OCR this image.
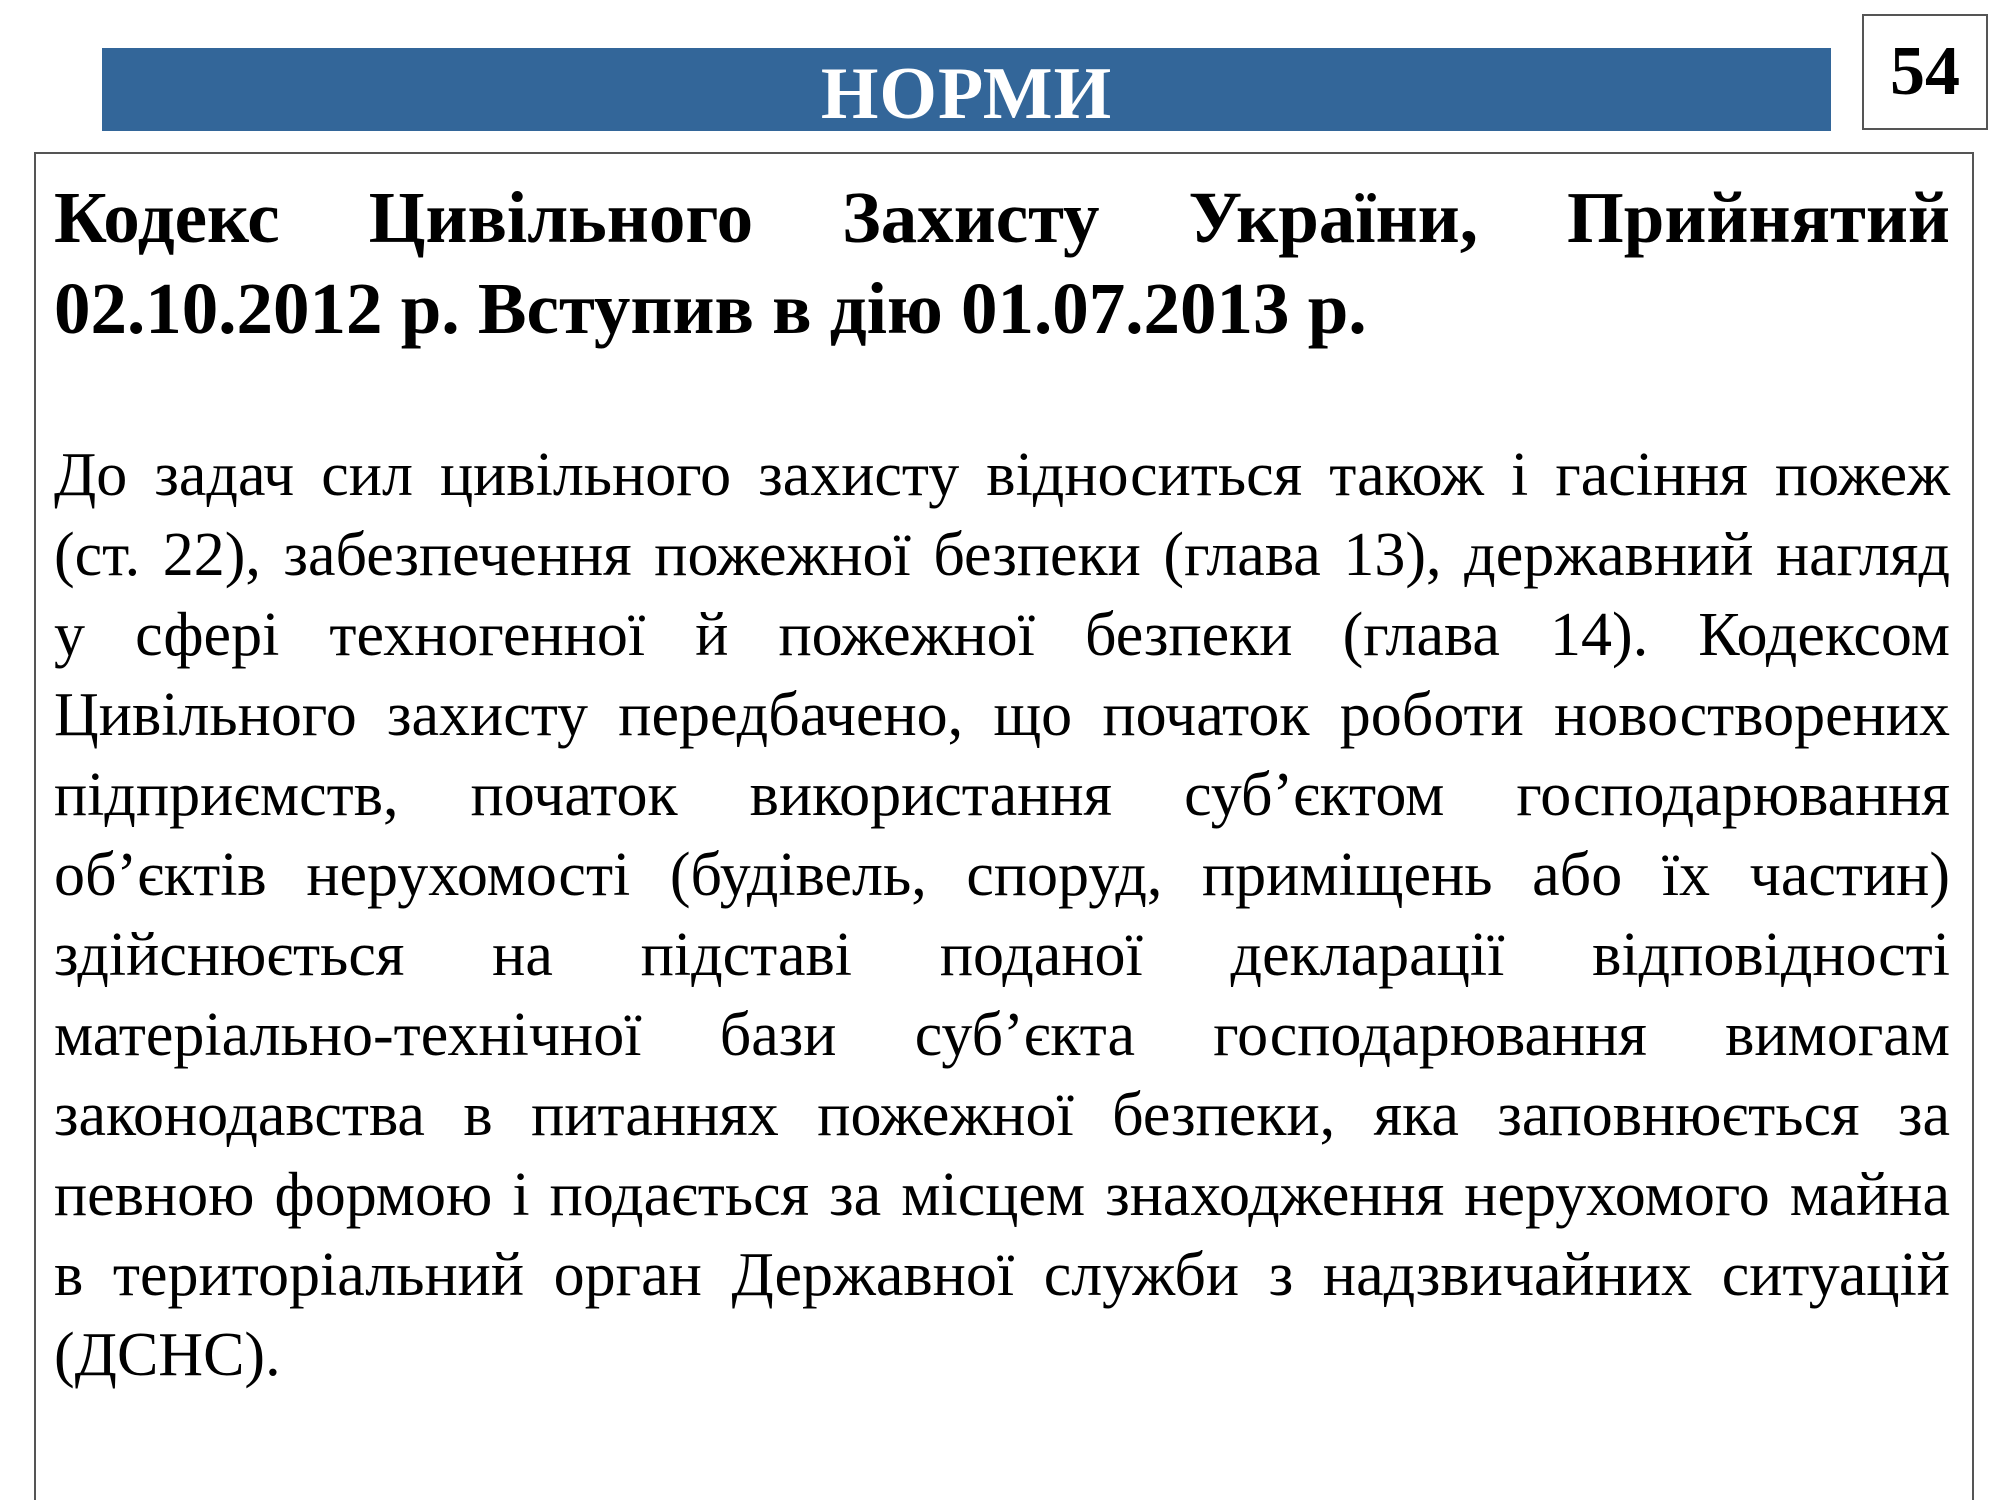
НОРМИ	54

Кодекс Цивільного Захисту України, Прийнятий 02.10.2012 р. Вступив в дію 01.07.2013 р.

До задач сил цивільного захисту відноситься також і гасіння пожеж (ст. 22), забезпечення пожежної безпеки (глава 13), державний нагляд у сфері техногенної й пожежної безпеки (глава 14). Кодексом Цивільного захисту передбачено, що початок роботи новостворених підприємств, початок використання суб’єктом господарювання об’єктів нерухомості (будівель, споруд, приміщень або їх частин) здійснюється на підставі поданої декларації відповідності матеріально-технічної бази суб’єкта господарювання вимогам законодавства в питаннях пожежної безпеки, яка заповнюється за певною формою і подається за місцем знаходження нерухомого майна в територіальний орган Державної служби з надзвичайних ситуацій (ДСНС).
